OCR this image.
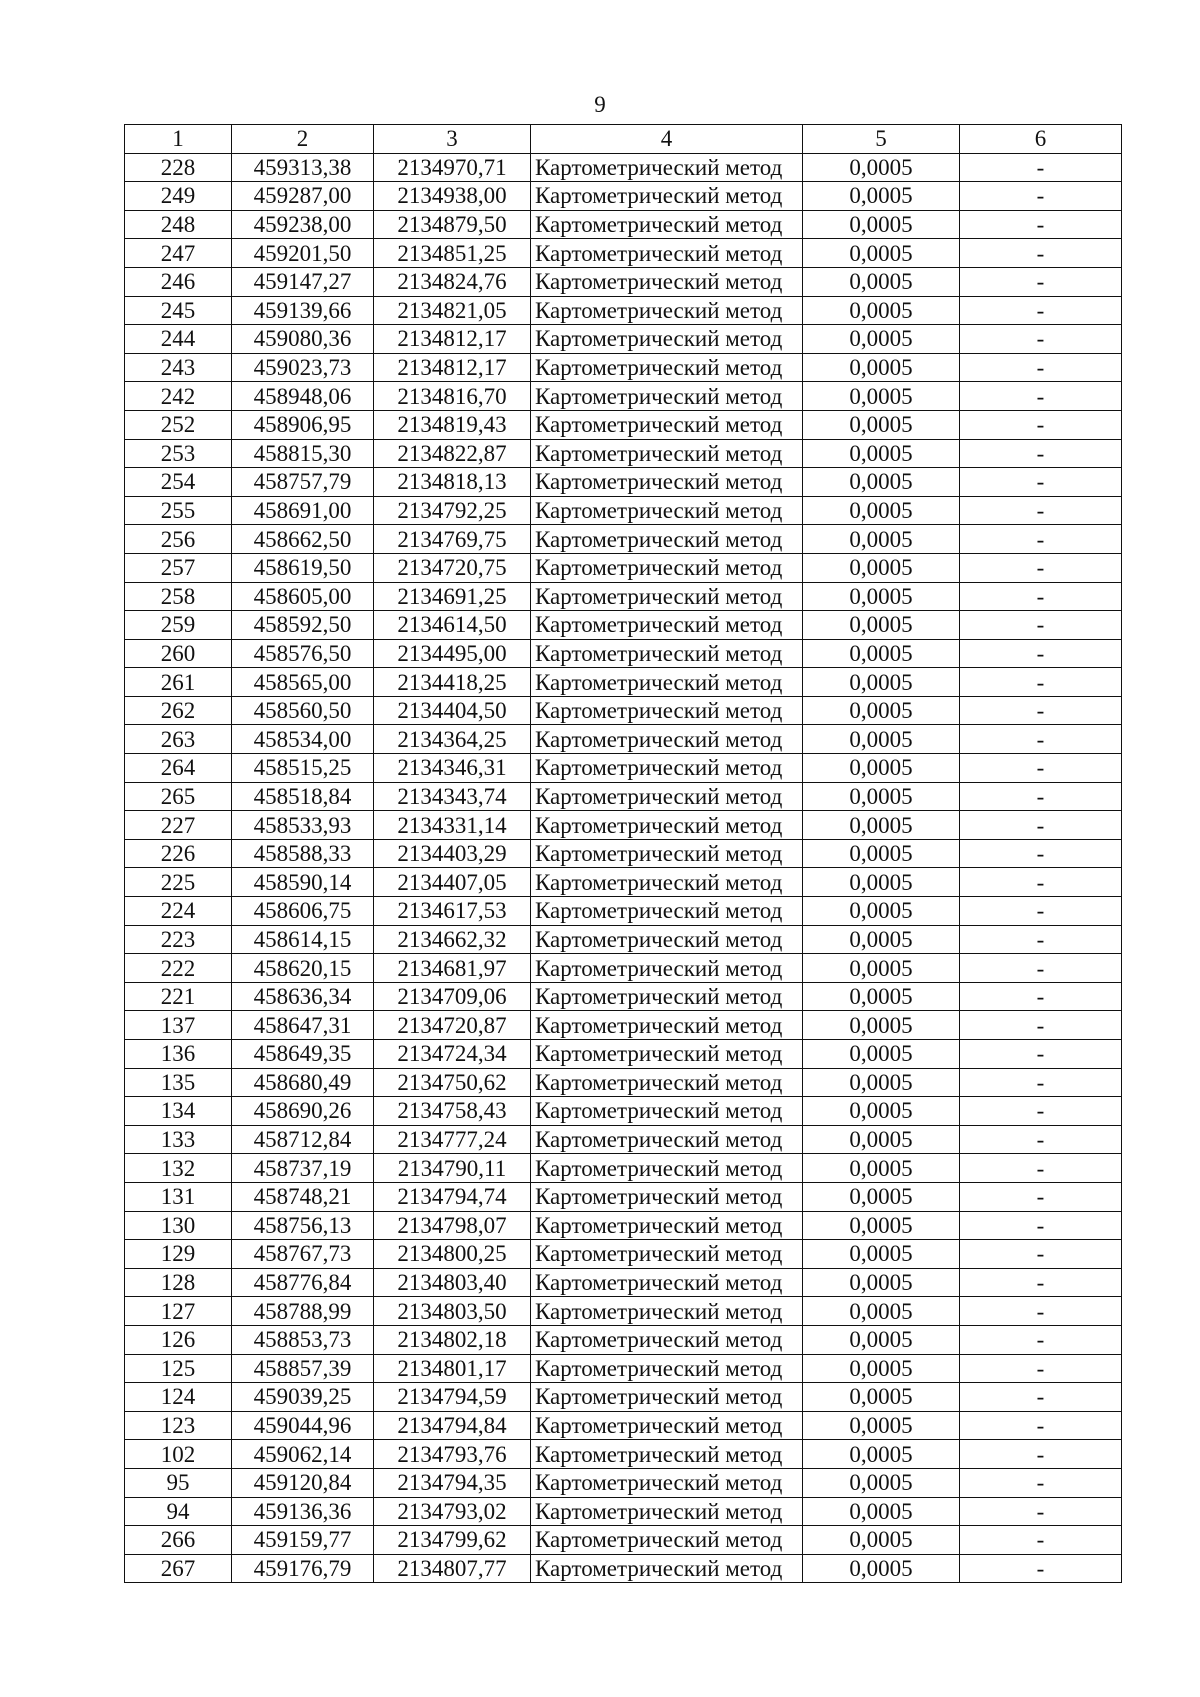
9
1	2	3	4	5	6
228	459313,38	2134970,71	Картометрический метод	0,0005	-
249	459287,00	2134938,00	Картометрический метод	0,0005	-
248	459238,00	2134879,50	Картометрический метод	0,0005	-
247	459201,50	2134851,25	Картометрический метод	0,0005	-
246	459147,27	2134824,76	Картометрический метод	0,0005	-
245	459139,66	2134821,05	Картометрический метод	0,0005	-
244	459080,36	2134812,17	Картометрический метод	0,0005	-
243	459023,73	2134812,17	Картометрический метод	0,0005	-
242	458948,06	2134816,70	Картометрический метод	0,0005	-
252	458906,95	2134819,43	Картометрический метод	0,0005	-
253	458815,30	2134822,87	Картометрический метод	0,0005	-
254	458757,79	2134818,13	Картометрический метод	0,0005	-
255	458691,00	2134792,25	Картометрический метод	0,0005	-
256	458662,50	2134769,75	Картометрический метод	0,0005	-
257	458619,50	2134720,75	Картометрический метод	0,0005	-
258	458605,00	2134691,25	Картометрический метод	0,0005	-
259	458592,50	2134614,50	Картометрический метод	0,0005	-
260	458576,50	2134495,00	Картометрический метод	0,0005	-
261	458565,00	2134418,25	Картометрический метод	0,0005	-
262	458560,50	2134404,50	Картометрический метод	0,0005	-
263	458534,00	2134364,25	Картометрический метод	0,0005	-
264	458515,25	2134346,31	Картометрический метод	0,0005	-
265	458518,84	2134343,74	Картометрический метод	0,0005	-
227	458533,93	2134331,14	Картометрический метод	0,0005	-
226	458588,33	2134403,29	Картометрический метод	0,0005	-
225	458590,14	2134407,05	Картометрический метод	0,0005	-
224	458606,75	2134617,53	Картометрический метод	0,0005	-
223	458614,15	2134662,32	Картометрический метод	0,0005	-
222	458620,15	2134681,97	Картометрический метод	0,0005	-
221	458636,34	2134709,06	Картометрический метод	0,0005	-
137	458647,31	2134720,87	Картометрический метод	0,0005	-
136	458649,35	2134724,34	Картометрический метод	0,0005	-
135	458680,49	2134750,62	Картометрический метод	0,0005	-
134	458690,26	2134758,43	Картометрический метод	0,0005	-
133	458712,84	2134777,24	Картометрический метод	0,0005	-
132	458737,19	2134790,11	Картометрический метод	0,0005	-
131	458748,21	2134794,74	Картометрический метод	0,0005	-
130	458756,13	2134798,07	Картометрический метод	0,0005	-
129	458767,73	2134800,25	Картометрический метод	0,0005	-
128	458776,84	2134803,40	Картометрический метод	0,0005	-
127	458788,99	2134803,50	Картометрический метод	0,0005	-
126	458853,73	2134802,18	Картометрический метод	0,0005	-
125	458857,39	2134801,17	Картометрический метод	0,0005	-
124	459039,25	2134794,59	Картометрический метод	0,0005	-
123	459044,96	2134794,84	Картометрический метод	0,0005	-
102	459062,14	2134793,76	Картометрический метод	0,0005	-
95	459120,84	2134794,35	Картометрический метод	0,0005	-
94	459136,36	2134793,02	Картометрический метод	0,0005	-
266	459159,77	2134799,62	Картометрический метод	0,0005	-
267	459176,79	2134807,77	Картометрический метод	0,0005	-
